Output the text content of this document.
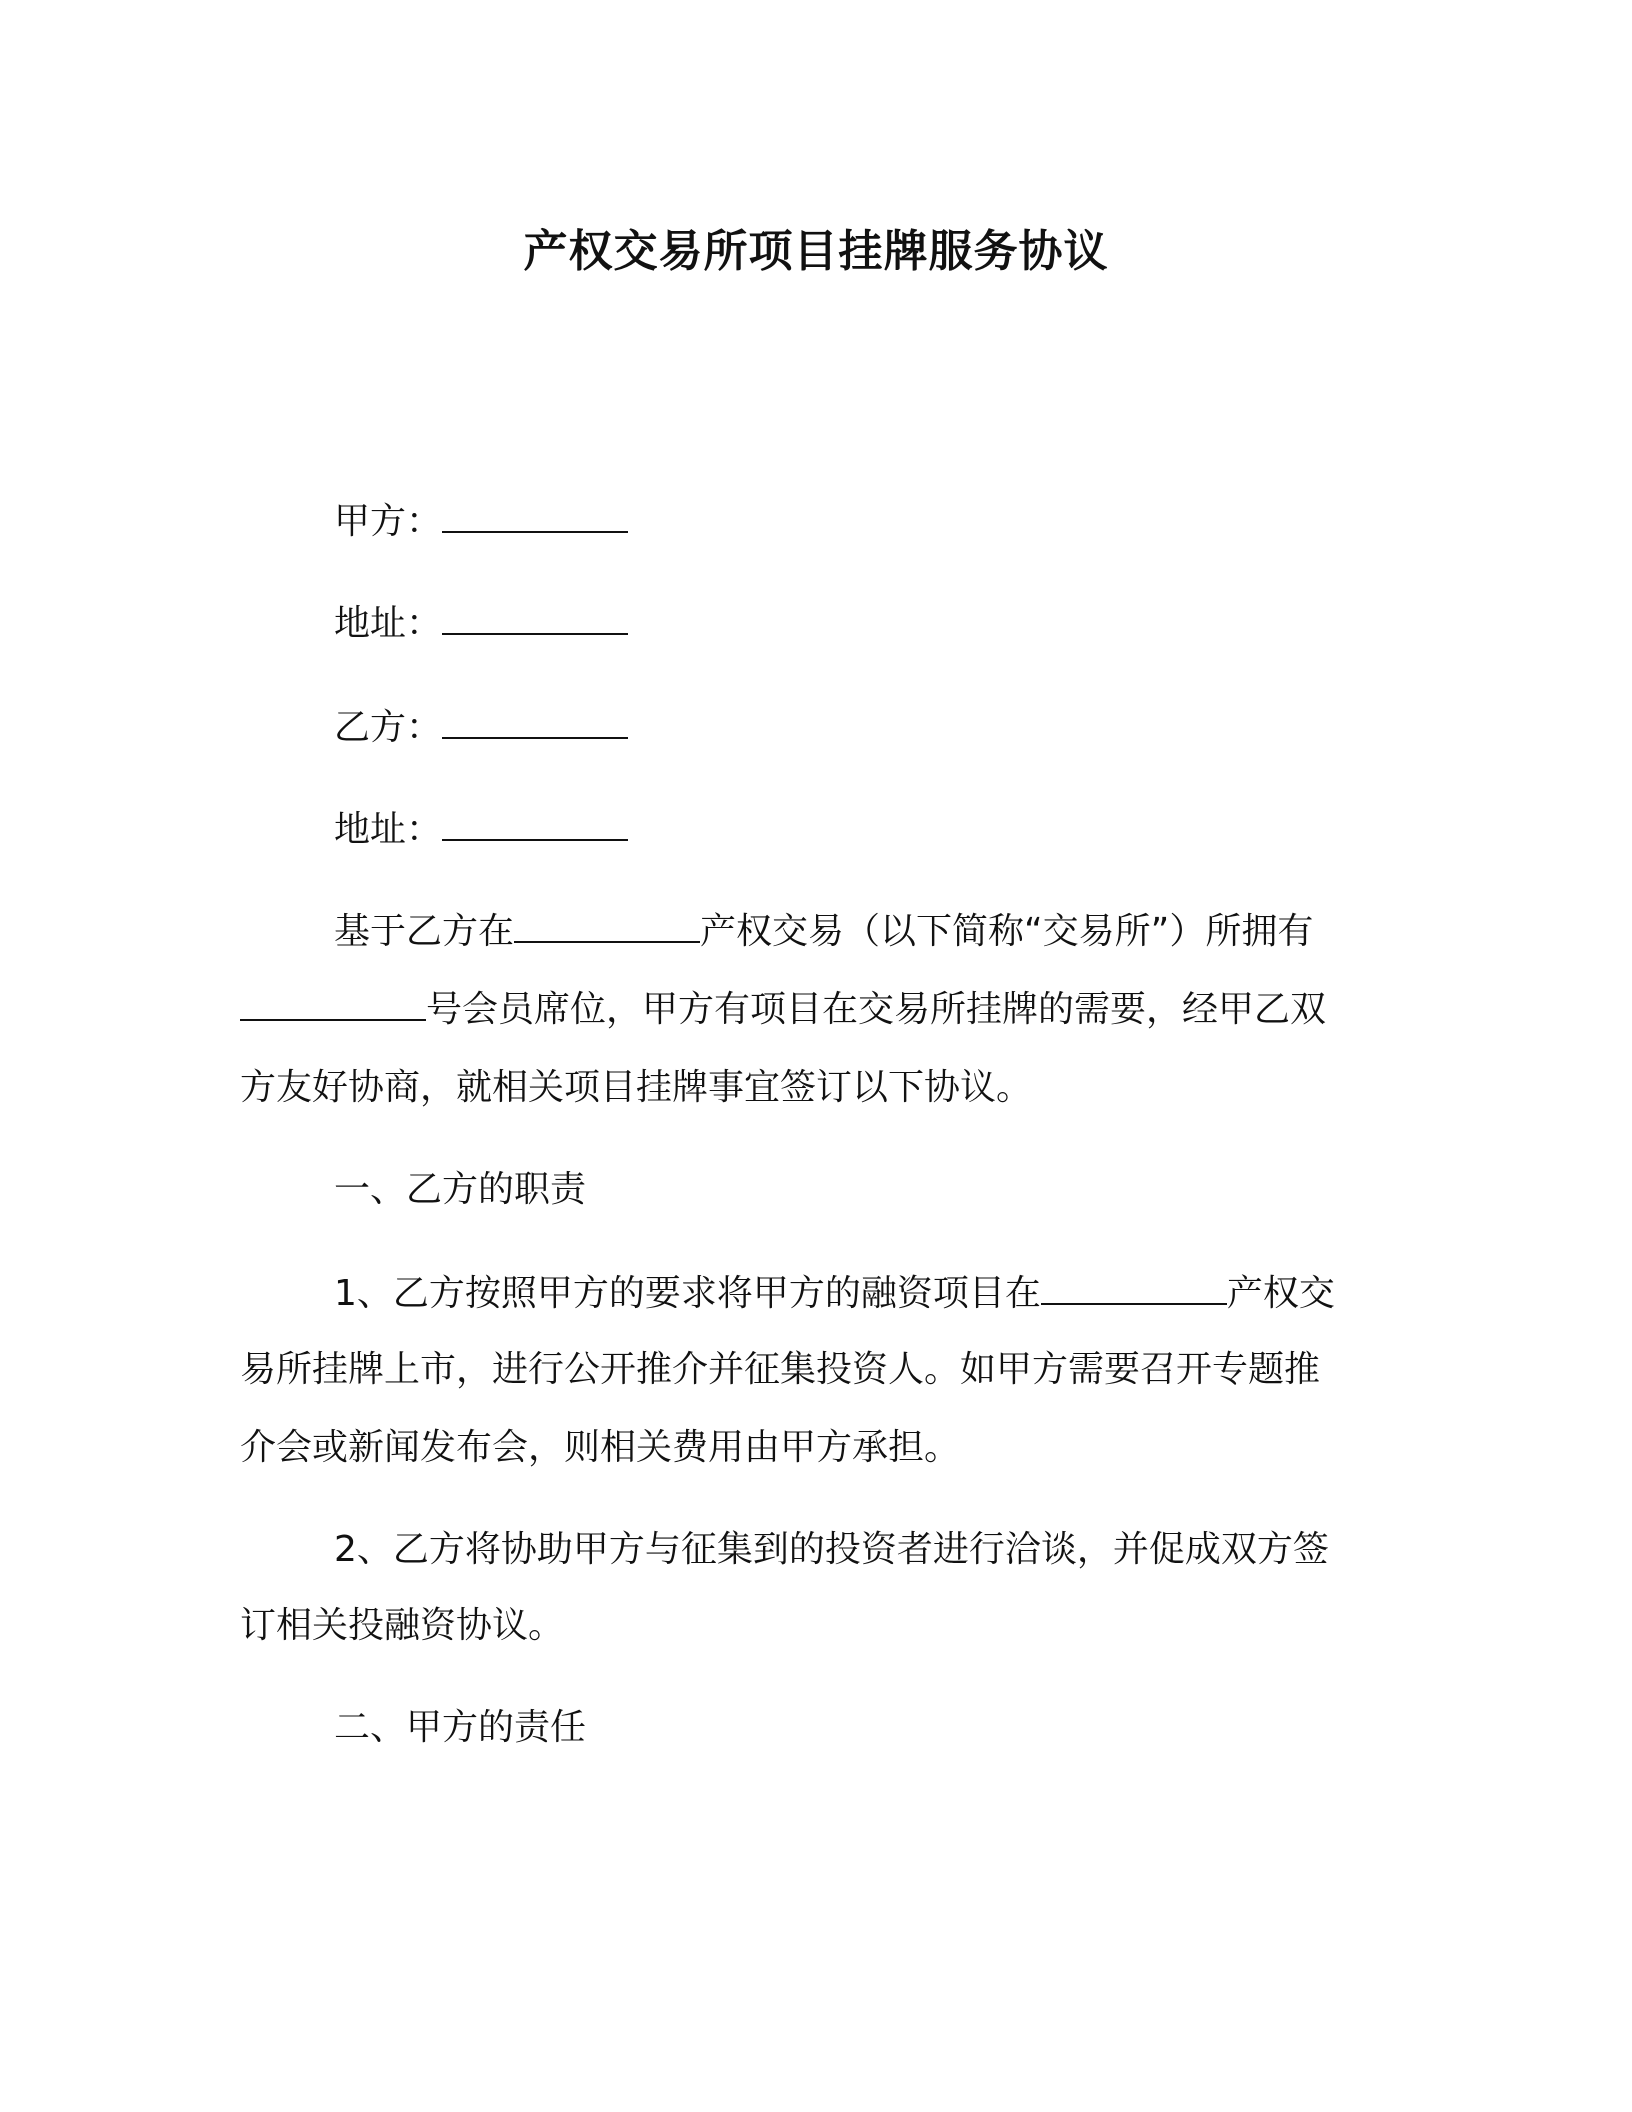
产权交易所项目挂牌服务协议
甲方：
地址：
乙方：
地址：
基于乙方在	产权交易（以下简称“交易所”）所拥有
号会员席位，甲方有项目在交易所挂牌的需要，经甲乙双
方友好协商，就相关项目挂牌事宜签订以下协议。
一、乙方的职责
1、乙方按照甲方的要求将甲方的融资项目在	产权交
易所挂牌上市，进行公开推介并征集投资人。如甲方需要召开专题推
介会或新闻发布会，则相关费用由甲方承担。
2、乙方将协助甲方与征集到的投资者进行洽谈，并促成双方签
订相关投融资协议。
二、甲方的责任
